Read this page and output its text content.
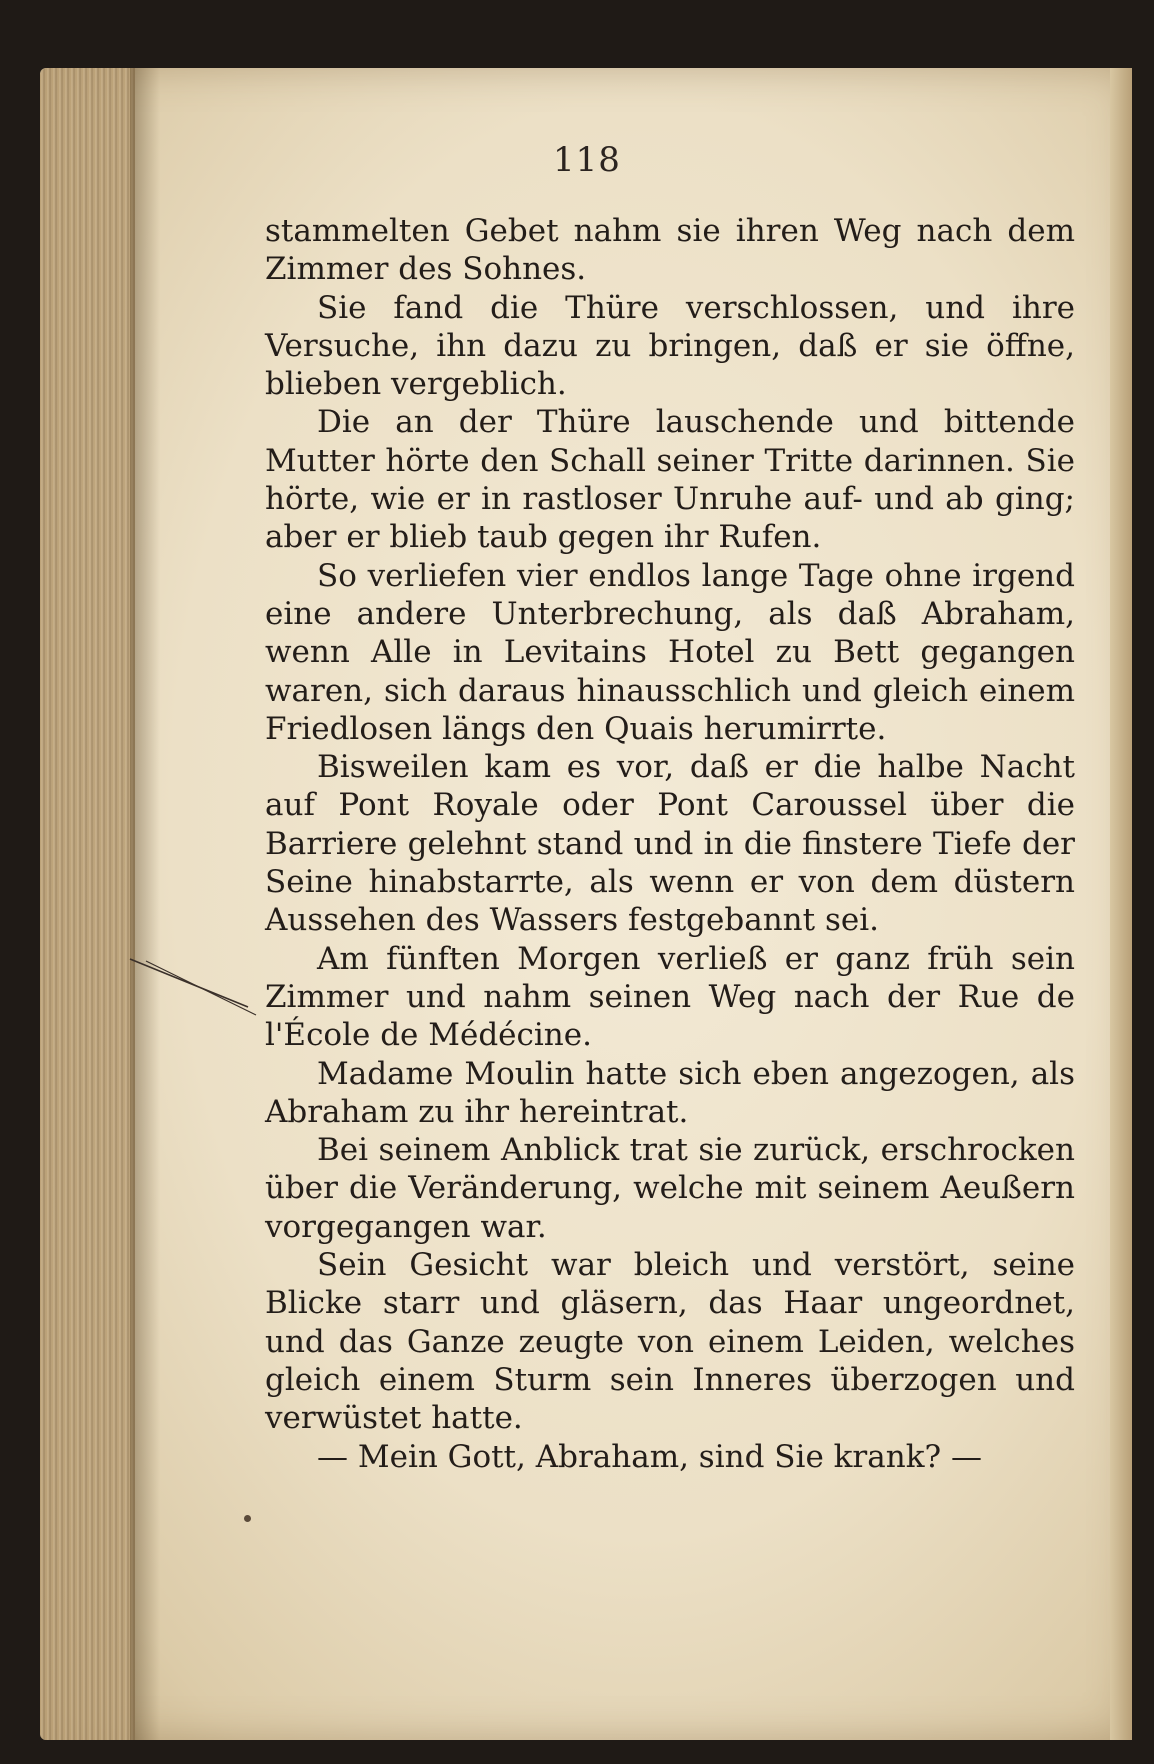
118

stammelten Gebet nahm sie ihren Weg nach dem Zimmer des Sohnes.

Sie fand die Thüre verschlossen, und ihre Versuche, ihn dazu zu bringen, daß er sie öffne, blieben vergeblich.

Die an der Thüre lauschende und bittende Mutter hörte den Schall seiner Tritte darinnen. Sie hörte, wie er in rastloser Unruhe auf- und ab ging; aber er blieb taub gegen ihr Rufen.

So verliefen vier endlos lange Tage ohne irgend eine andere Unterbrechung, als daß Abraham, wenn Alle in Levitains Hotel zu Bett gegangen waren, sich daraus hinausschlich und gleich einem Friedlosen längs den Quais herumirrte.

Bisweilen kam es vor, daß er die halbe Nacht auf Pont Royale oder Pont Caroussel über die Barriere gelehnt stand und in die finstere Tiefe der Seine hinabstarrte, als wenn er von dem düstern Aussehen des Wassers festgebannt sei.

Am fünften Morgen verließ er ganz früh sein Zimmer und nahm seinen Weg nach der Rue de l'École de Médécine.

Madame Moulin hatte sich eben angezogen, als Abraham zu ihr hereintrat.

Bei seinem Anblick trat sie zurück, erschrocken über die Veränderung, welche mit seinem Aeußern vorgegangen war.

Sein Gesicht war bleich und verstört, seine Blicke starr und gläsern, das Haar ungeordnet, und das Ganze zeugte von einem Leiden, welches gleich einem Sturm sein Inneres überzogen und verwüstet hatte.

— Mein Gott, Abraham, sind Sie krank? —
